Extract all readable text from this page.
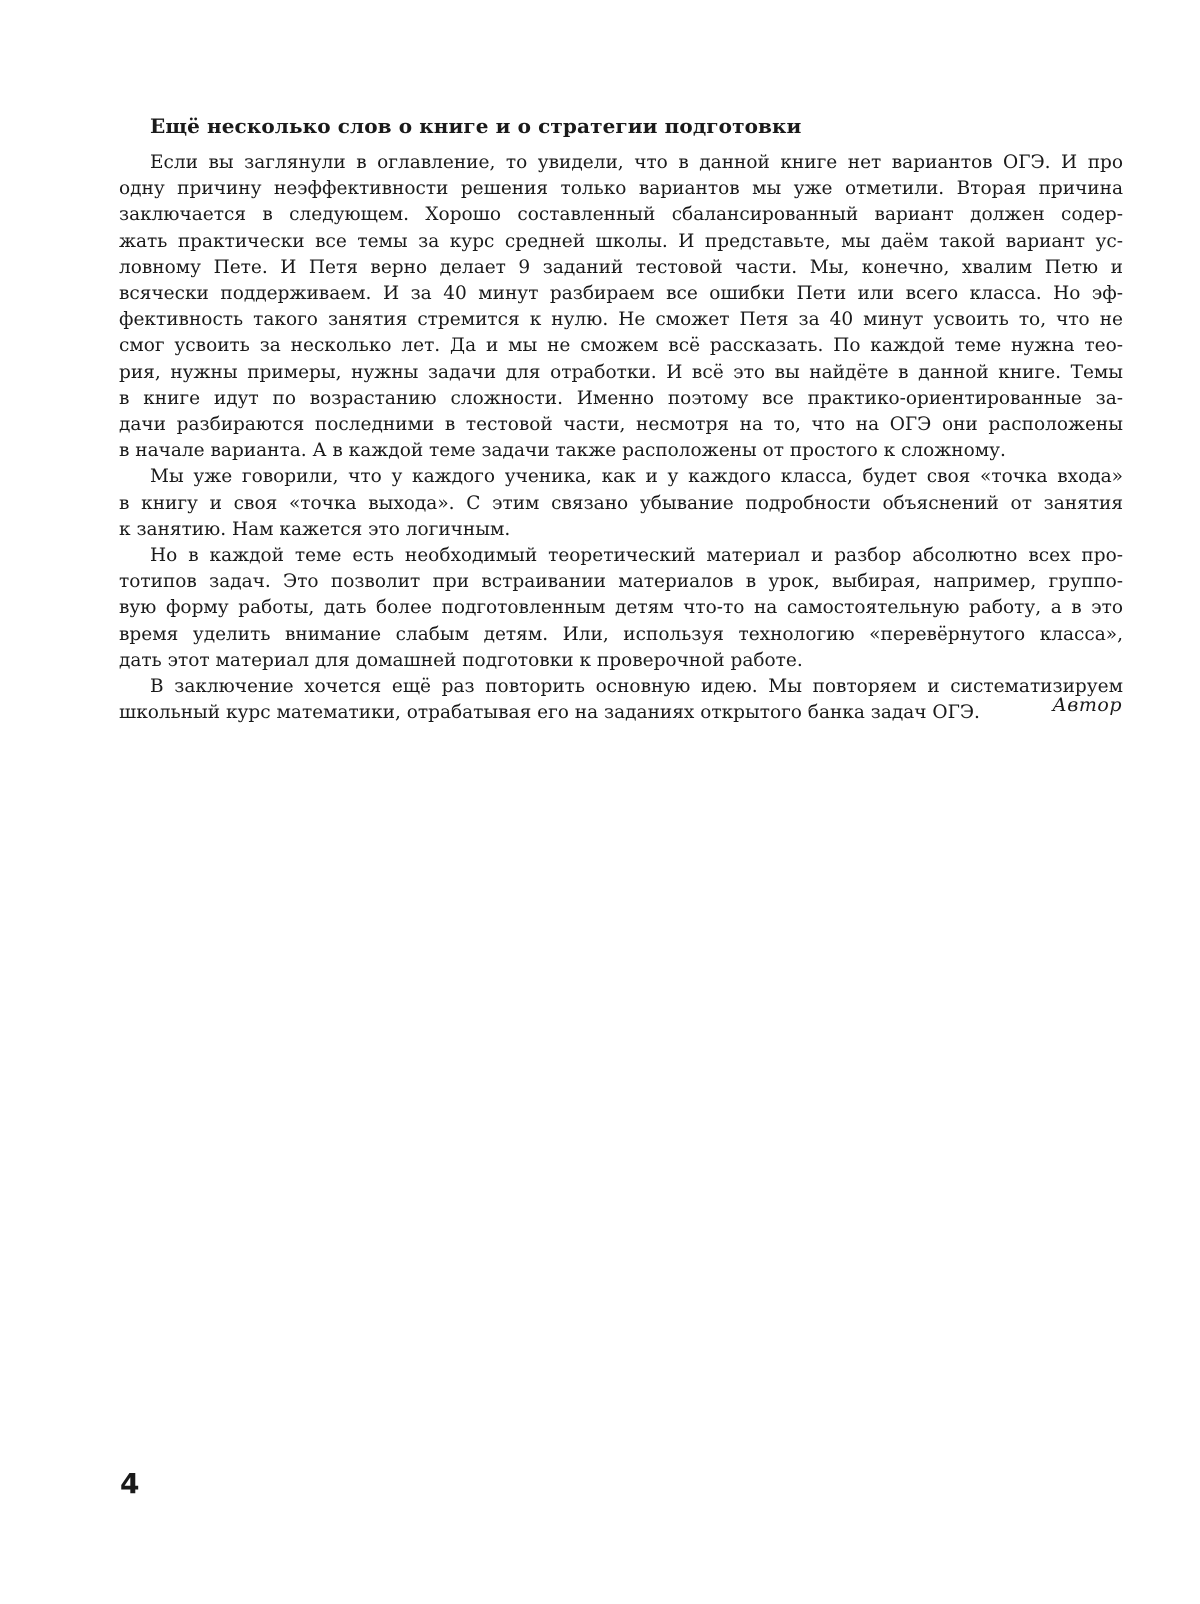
Ещё несколько слов о книге и о стратегии подготовки
Если вы заглянули в оглавление, то увидели, что в данной книге нет вариантов ОГЭ. И про
одну причину неэффективности решения только вариантов мы уже отметили. Вторая причина
заключается в следующем. Хорошо составленный сбалансированный вариант должен содер-
жать практически все темы за курс средней школы. И представьте, мы даём такой вариант ус-
ловному Пете. И Петя верно делает 9 заданий тестовой части. Мы, конечно, хвалим Петю и
всячески поддерживаем. И за 40 минут разбираем все ошибки Пети или всего класса. Но эф-
фективность такого занятия стремится к нулю. Не сможет Петя за 40 минут усвоить то, что не
смог усвоить за несколько лет. Да и мы не сможем всё рассказать. По каждой теме нужна тео-
рия, нужны примеры, нужны задачи для отработки. И всё это вы найдёте в данной книге. Темы
в книге идут по возрастанию сложности. Именно поэтому все практико-ориентированные за-
дачи разбираются последними в тестовой части, несмотря на то, что на ОГЭ они расположены
в начале варианта. А в каждой теме задачи также расположены от простого к сложному.
Мы уже говорили, что у каждого ученика, как и у каждого класса, будет своя «точка входа»
в книгу и своя «точка выхода». С этим связано убывание подробности объяснений от занятия
к занятию. Нам кажется это логичным.
Но в каждой теме есть необходимый теоретический материал и разбор абсолютно всех про-
тотипов задач. Это позволит при встраивании материалов в урок, выбирая, например, группо-
вую форму работы, дать более подготовленным детям что-то на самостоятельную работу, а в это
время уделить внимание слабым детям. Или, используя технологию «перевёрнутого класса»,
дать этот материал для домашней подготовки к проверочной работе.
В заключение хочется ещё раз повторить основную идею. Мы повторяем и систематизируем
школьный курс математики, отрабатывая его на заданиях открытого банка задач ОГЭ.	Автор

4
